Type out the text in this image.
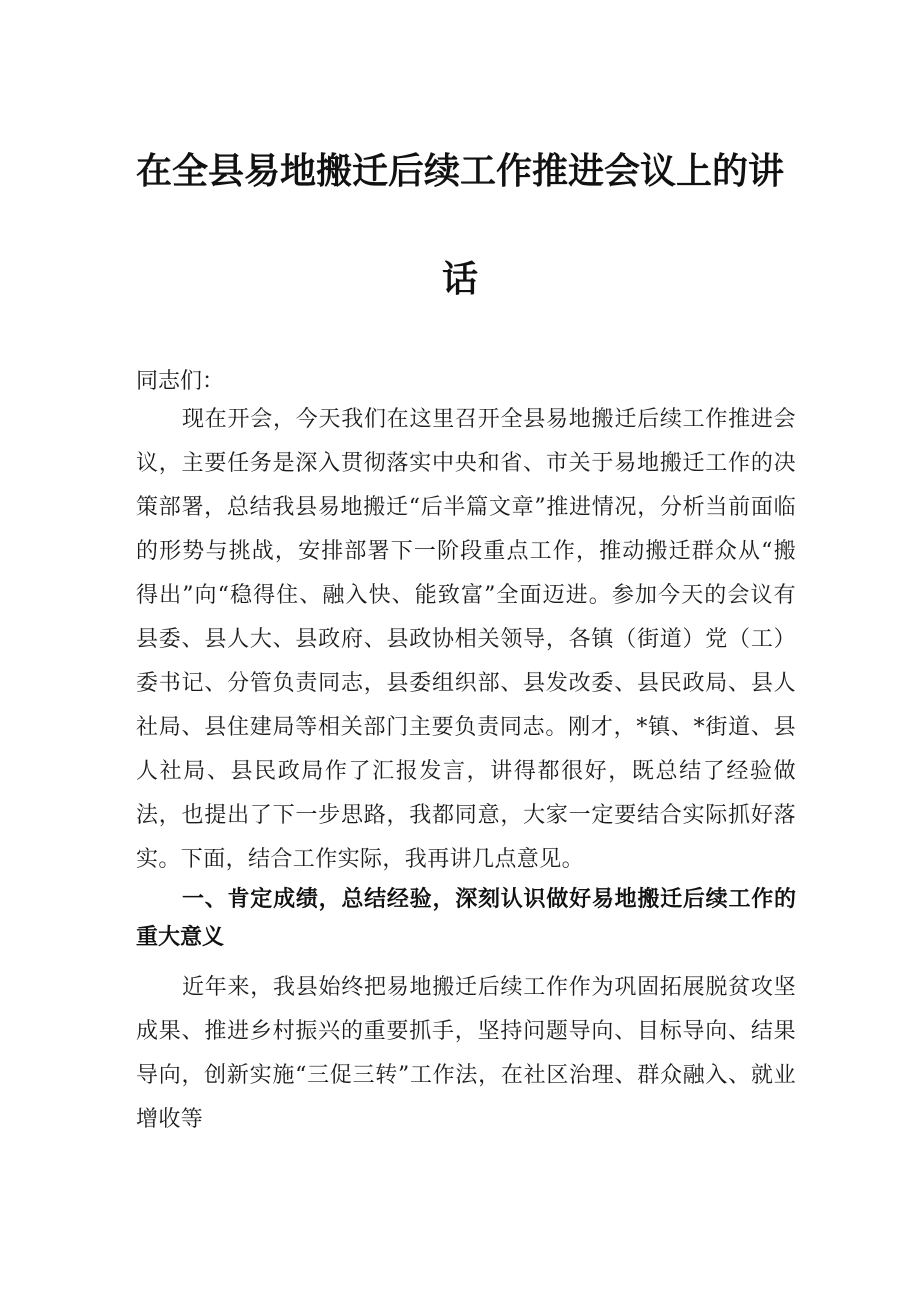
在全县易地搬迁后续工作推进会议上的讲
话
同志们：
现在开会，今天我们在这里召开全县易地搬迁后续工作推进会议，主要任务是深入贯彻落实中央和省、市关于易地搬迁工作的决策部署，总结我县易地搬迁“后半篇文章”推进情况，分析当前面临的形势与挑战，安排部署下一阶段重点工作，推动搬迁群众从“搬得出”向“稳得住、融入快、能致富”全面迈进。参加今天的会议有县委、县人大、县政府、县政协相关领导，各镇（街道）党（工）委书记、分管负责同志，县委组织部、县发改委、县民政局、县人社局、县住建局等相关部门主要负责同志。刚才，*镇、*街道、县人社局、县民政局作了汇报发言，讲得都很好，既总结了经验做法，也提出了下一步思路，我都同意，大家一定要结合实际抓好落实。下面，结合工作实际，我再讲几点意见。
一、肯定成绩，总结经验，深刻认识做好易地搬迁后续工作的重大意义
近年来，我县始终把易地搬迁后续工作作为巩固拓展脱贫攻坚成果、推进乡村振兴的重要抓手，坚持问题导向、目标导向、结果导向，创新实施“三促三转”工作法，在社区治理、群众融入、就业增收等
